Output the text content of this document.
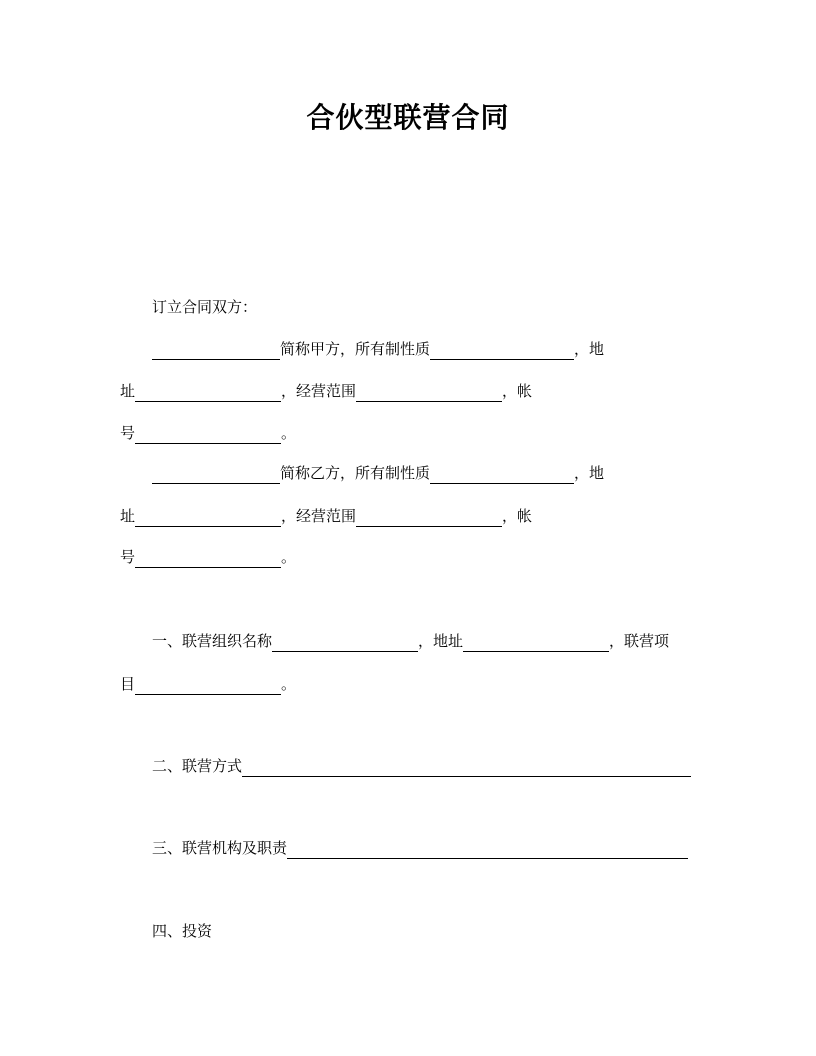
合伙型联营合同
订立合同双方：
简称甲方，所有制性质	，地
址	，经营范围	，帐
号	。
简称乙方，所有制性质	，地
址	，经营范围	，帐
号	。
一、联营组织名称	，地址	，联营项
目	。
二、联营方式
三、联营机构及职责
四、投资
